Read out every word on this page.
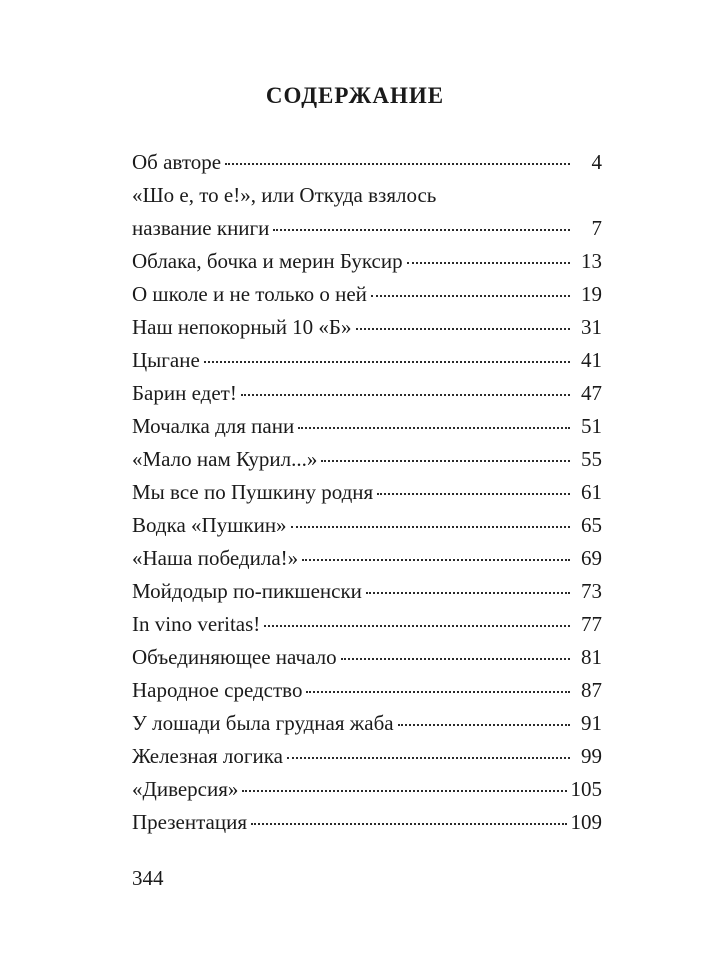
СОДЕРЖАНИЕ
Об авторе	4
«Шо е, то е!», или Откуда взялось
название книги	7
Облака, бочка и мерин Буксир	13
О школе и не только о ней	19
Наш непокорный 10 «Б»	31
Цыгане	41
Барин едет!	47
Мочалка для пани	51
«Мало нам Курил...»	55
Мы все по Пушкину родня	61
Водка «Пушкин»	65
«Наша победила!»	69
Мойдодыр по-пикшенски	73
In vino veritas!	77
Объединяющее начало	81
Народное средство	87
У лошади была грудная жаба	91
Железная логика	99
«Диверсия»	105
Презентация	109
344
